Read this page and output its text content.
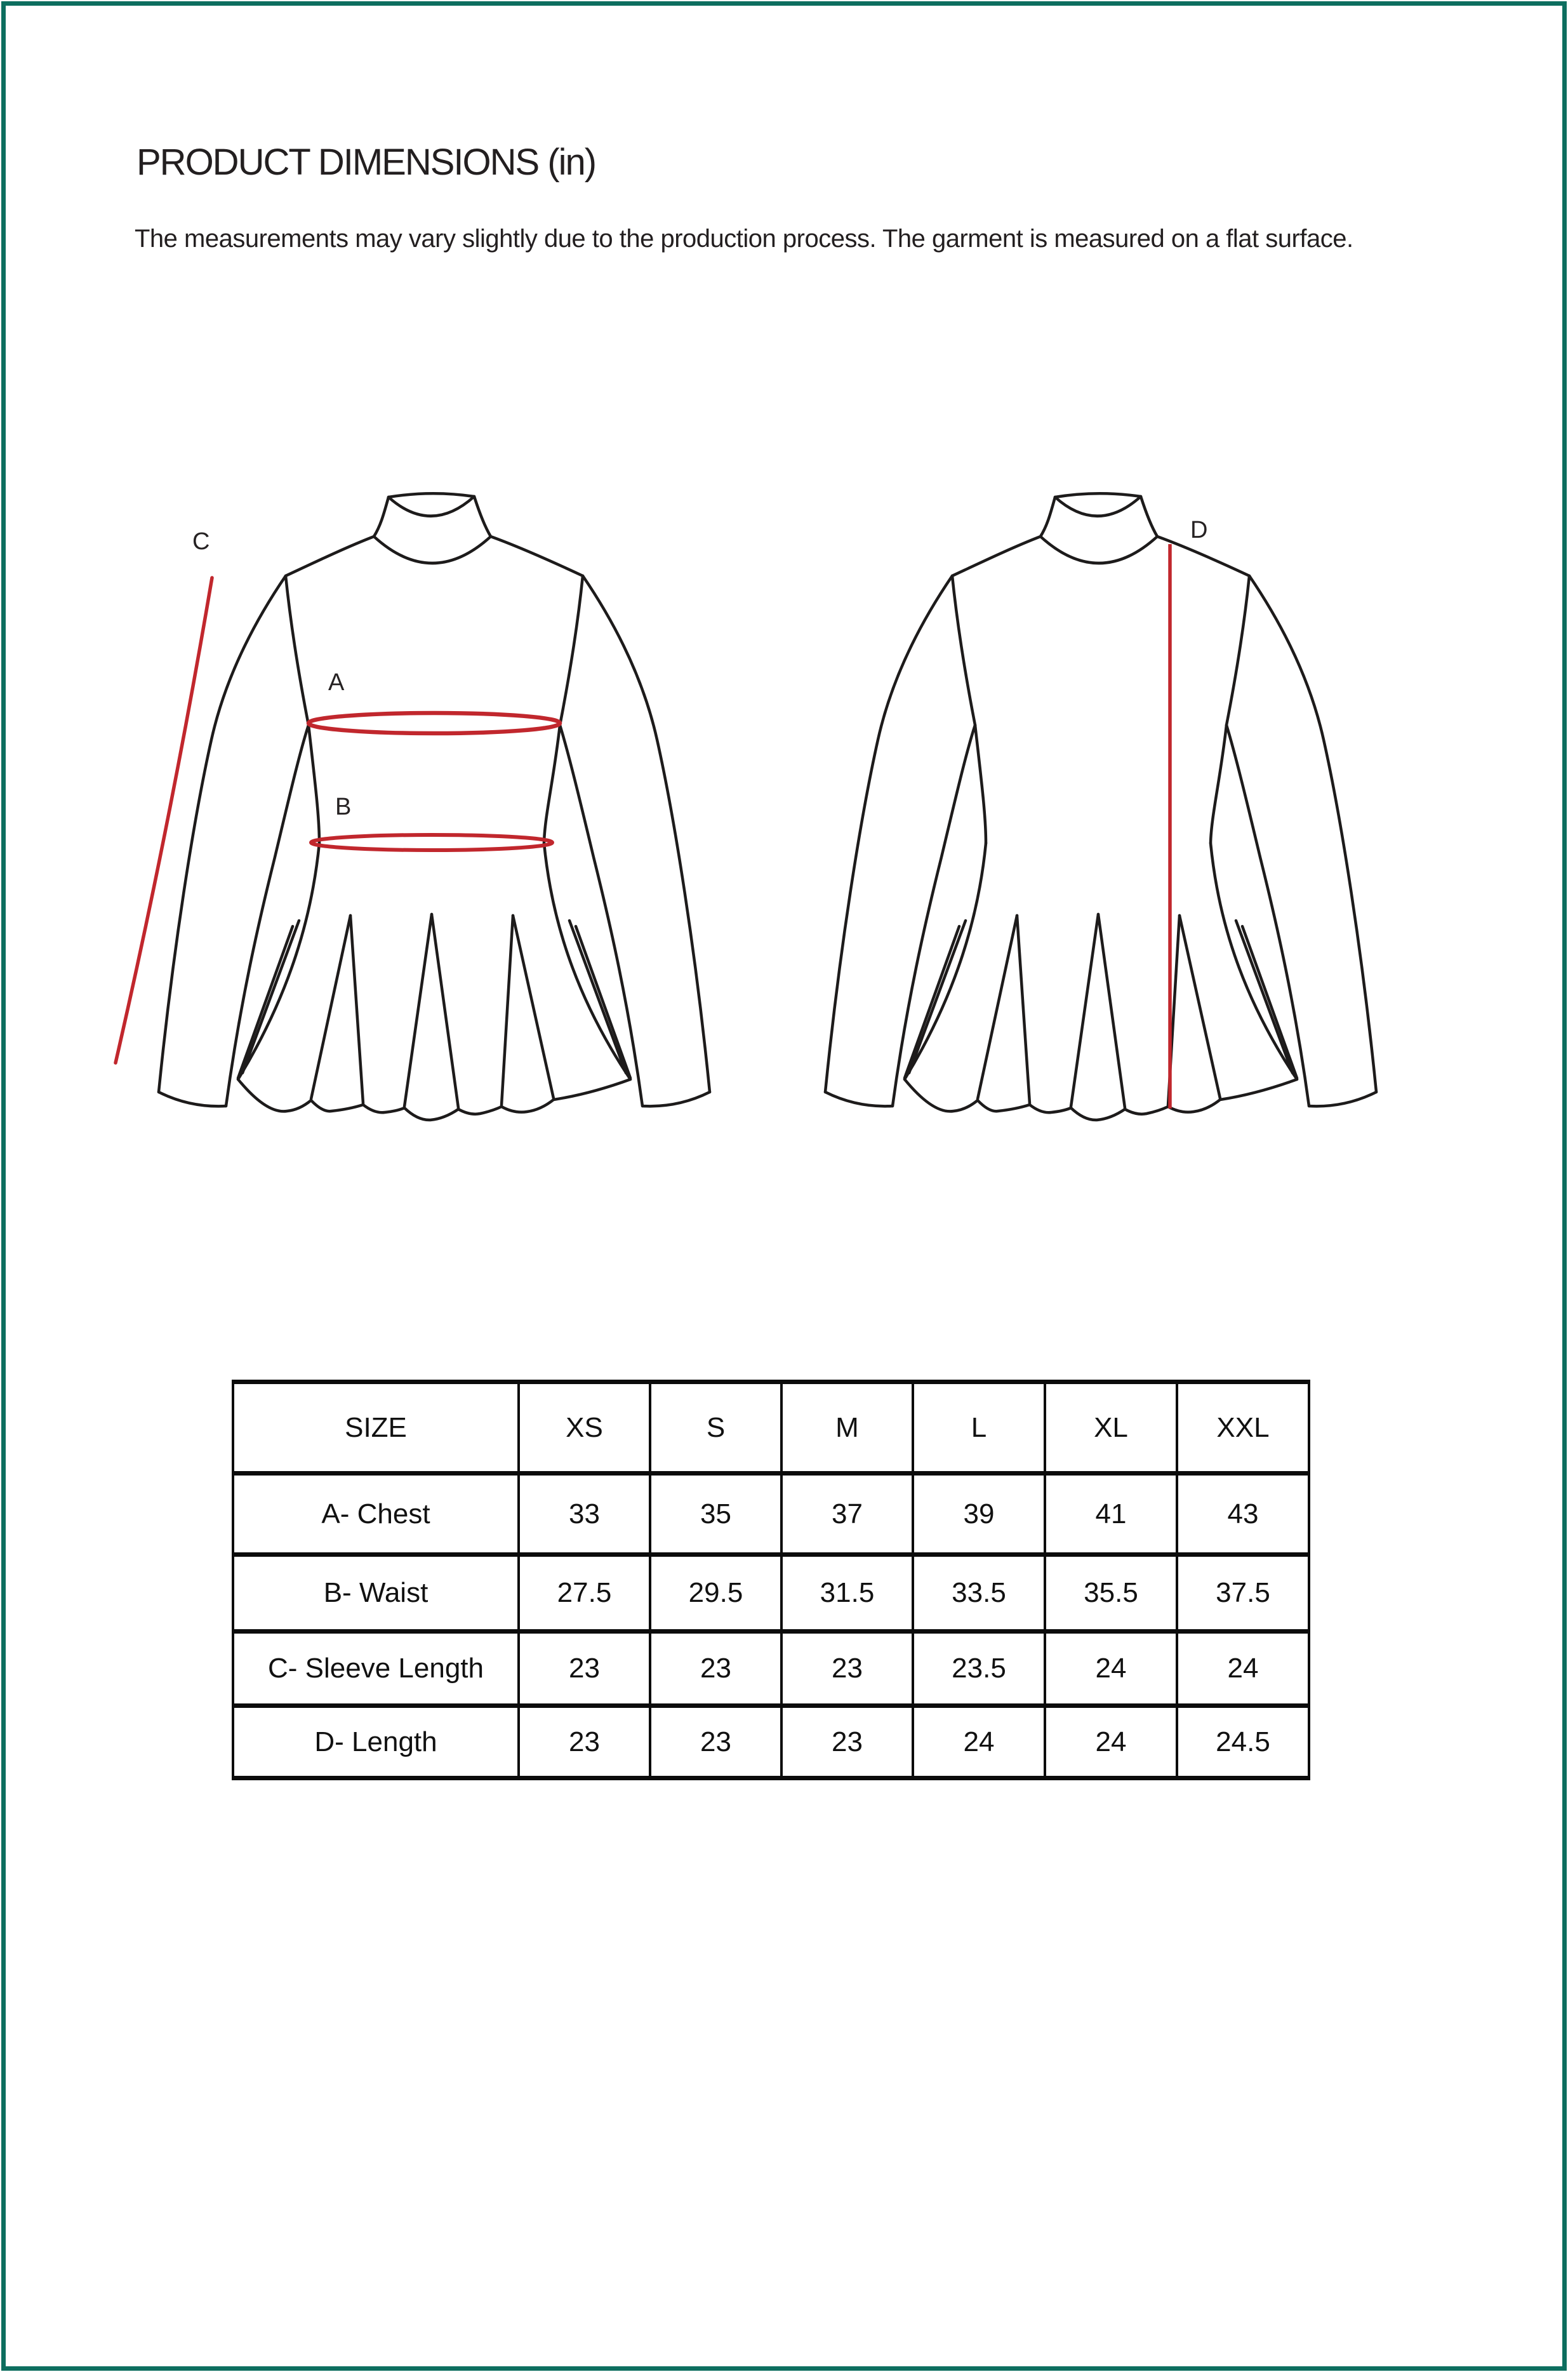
PRODUCT DIMENSIONS (in)

The measurements may vary slightly due to the production process. The garment is measured on a flat surface.

A
B
C	D
SIZE	XS	S	M	L	XL	XXL
A- Chest	33	35	37	39	41	43
B- Waist	27.5	29.5	31.5	33.5	35.5	37.5
C- Sleeve Length	23	23	23	23.5	24	24
D- Length	23	23	23	24	24	24.5
